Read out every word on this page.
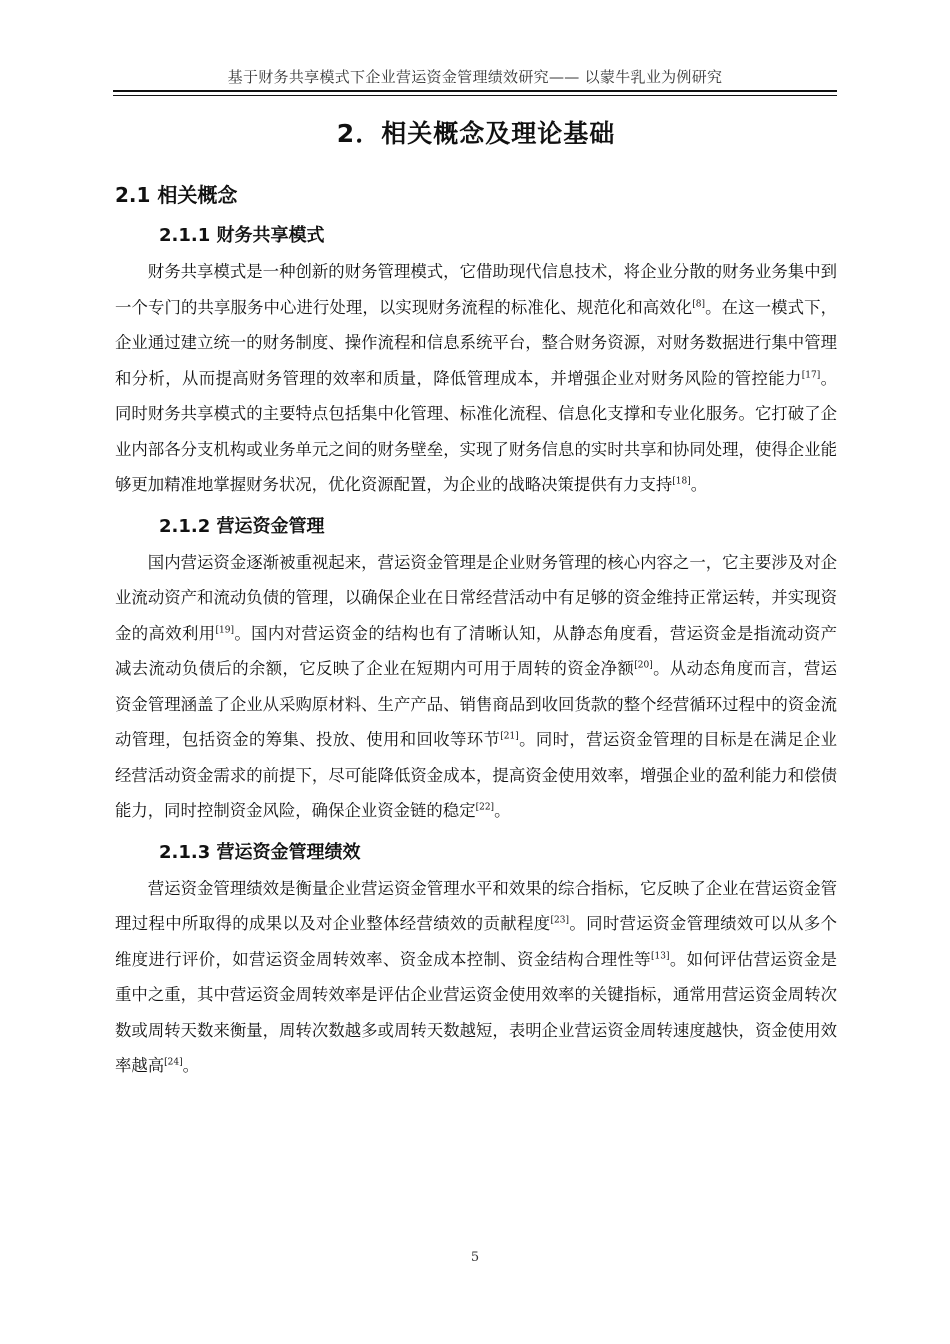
基于财务共享模式下企业营运资金管理绩效研究—— 以蒙牛乳业为例研究
2．相关概念及理论基础
2.1 相关概念
2.1.1 财务共享模式

财务共享模式是一种创新的财务管理模式，它借助现代信息技术，将企业分散的财务业务集中到一个专门的共享服务中心进行处理，以实现财务流程的标准化、规范化和高效化[8]。在这一模式下，企业通过建立统一的财务制度、操作流程和信息系统平台，整合财务资源，对财务数据进行集中管理和分析，从而提高财务管理的效率和质量，降低管理成本，并增强企业对财务风险的管控能力[17]。同时财务共享模式的主要特点包括集中化管理、标准化流程、信息化支撑和专业化服务。它打破了企业内部各分支机构或业务单元之间的财务壁垒，实现了财务信息的实时共享和协同处理，使得企业能够更加精准地掌握财务状况，优化资源配置，为企业的战略决策提供有力支持[18]。

2.1.2 营运资金管理

国内营运资金逐渐被重视起来，营运资金管理是企业财务管理的核心内容之一，它主要涉及对企业流动资产和流动负债的管理，以确保企业在日常经营活动中有足够的资金维持正常运转，并实现资金的高效利用[19]。国内对营运资金的结构也有了清晰认知，从静态角度看，营运资金是指流动资产减去流动负债后的余额，它反映了企业在短期内可用于周转的资金净额[20]。从动态角度而言，营运资金管理涵盖了企业从采购原材料、生产产品、销售商品到收回货款的整个经营循环过程中的资金流动管理，包括资金的筹集、投放、使用和回收等环节[21]。同时，营运资金管理的目标是在满足企业经营活动资金需求的前提下，尽可能降低资金成本，提高资金使用效率，增强企业的盈利能力和偿债能力，同时控制资金风险，确保企业资金链的稳定[22]。

2.1.3 营运资金管理绩效

营运资金管理绩效是衡量企业营运资金管理水平和效果的综合指标，它反映了企业在营运资金管理过程中所取得的成果以及对企业整体经营绩效的贡献程度[23]。同时营运资金管理绩效可以从多个维度进行评价，如营运资金周转效率、资金成本控制、资金结构合理性等[13]。如何评估营运资金是重中之重，其中营运资金周转效率是评估企业营运资金使用效率的关键指标，通常用营运资金周转次数或周转天数来衡量，周转次数越多或周转天数越短，表明企业营运资金周转速度越快，资金使用效率越高[24]。

5
